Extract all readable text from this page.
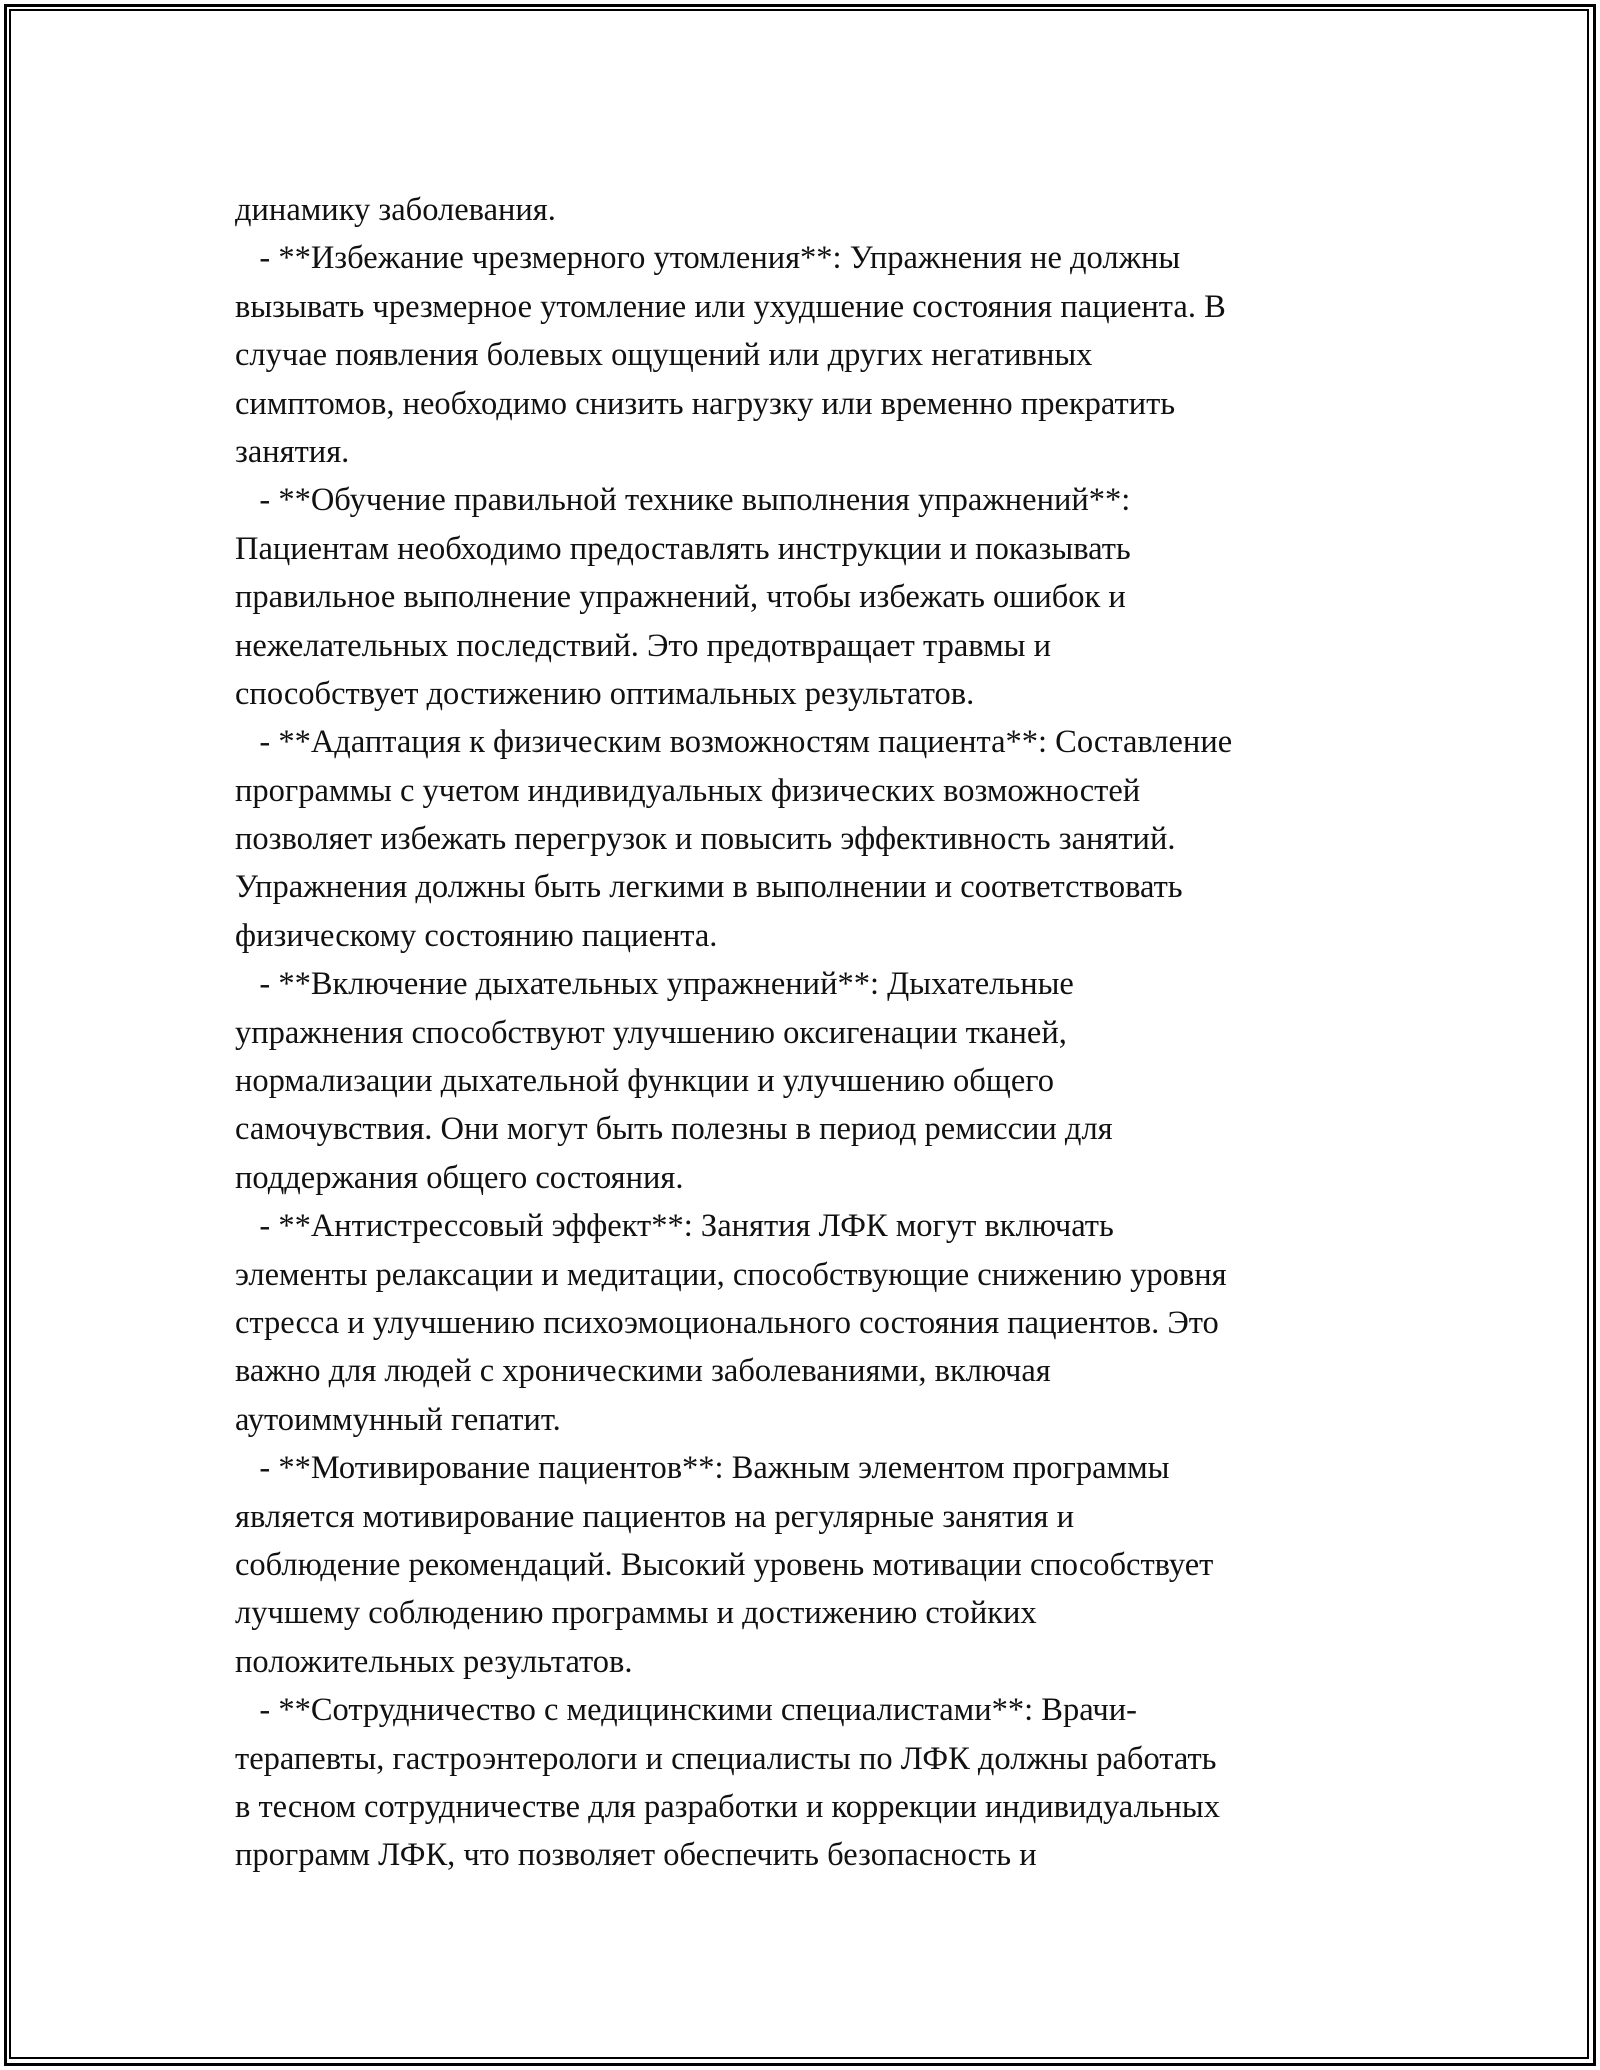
динамику заболевания.
- **Избежание чрезмерного утомления**: Упражнения не должны
вызывать чрезмерное утомление или ухудшение состояния пациента. В
случае появления болевых ощущений или других негативных
симптомов, необходимо снизить нагрузку или временно прекратить
занятия.
- **Обучение правильной технике выполнения упражнений**:
Пациентам необходимо предоставлять инструкции и показывать
правильное выполнение упражнений, чтобы избежать ошибок и
нежелательных последствий. Это предотвращает травмы и
способствует достижению оптимальных результатов.
- **Адаптация к физическим возможностям пациента**: Составление
программы с учетом индивидуальных физических возможностей
позволяет избежать перегрузок и повысить эффективность занятий.
Упражнения должны быть легкими в выполнении и соответствовать
физическому состоянию пациента.
- **Включение дыхательных упражнений**: Дыхательные
упражнения способствуют улучшению оксигенации тканей,
нормализации дыхательной функции и улучшению общего
самочувствия. Они могут быть полезны в период ремиссии для
поддержания общего состояния.
- **Антистрессовый эффект**: Занятия ЛФК могут включать
элементы релаксации и медитации, способствующие снижению уровня
стресса и улучшению психоэмоционального состояния пациентов. Это
важно для людей с хроническими заболеваниями, включая
аутоиммунный гепатит.
- **Мотивирование пациентов**: Важным элементом программы
является мотивирование пациентов на регулярные занятия и
соблюдение рекомендаций. Высокий уровень мотивации способствует
лучшему соблюдению программы и достижению стойких
положительных результатов.
- **Сотрудничество с медицинскими специалистами**: Врачи-
терапевты, гастроэнтерологи и специалисты по ЛФК должны работать
в тесном сотрудничестве для разработки и коррекции индивидуальных
программ ЛФК, что позволяет обеспечить безопасность и
